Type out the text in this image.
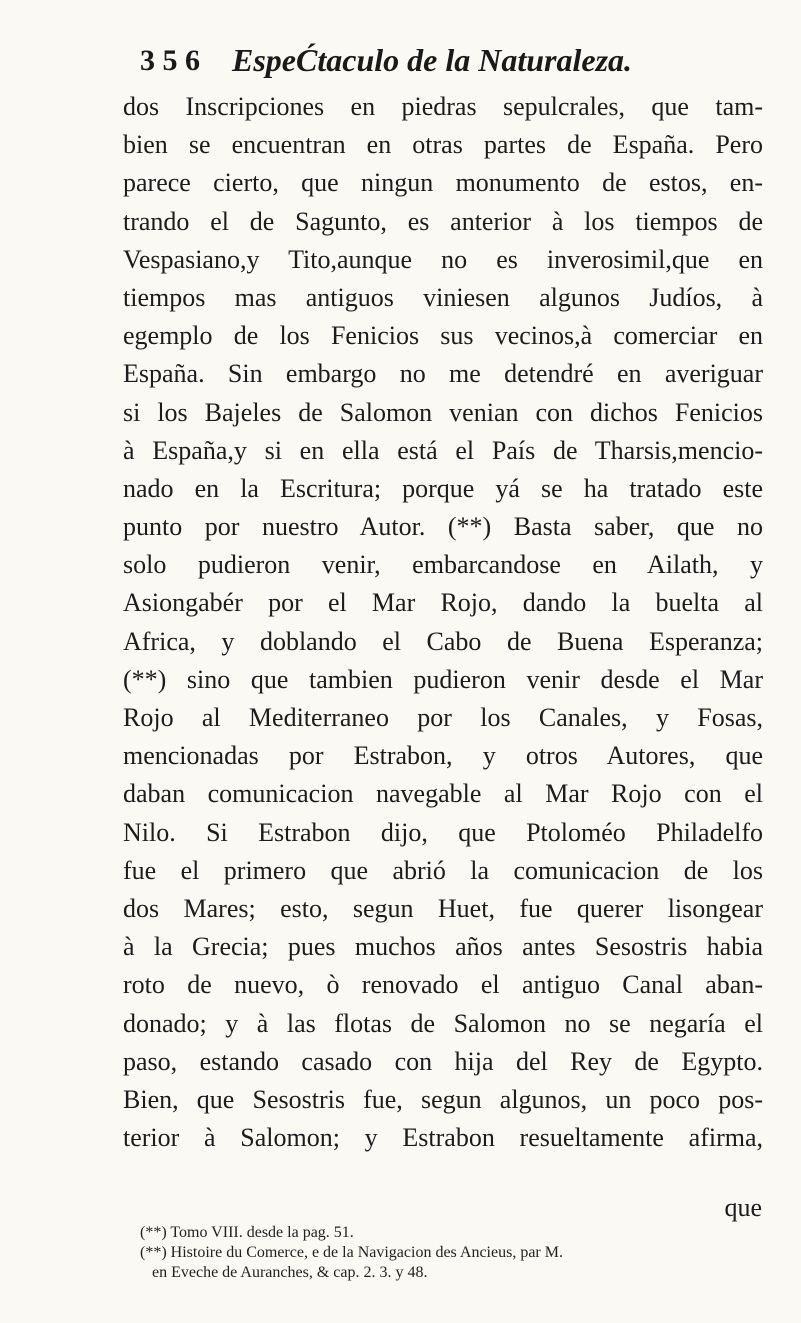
3 5 6 EspeĆtaculo de la Naturaleza.
dos Inscripciones en piedras sepulcrales, que tam-
bien se encuentran en otras partes de España. Pero
parece cierto, que ningun monumento de estos, en-
trando el de Sagunto, es anterior à los tiempos de
Vespasiano,y Tito,aunque no es inverosimil,que en
tiempos mas antiguos viniesen algunos Judíos, à
egemplo de los Fenicios sus vecinos,à comerciar en
España. Sin embargo no me detendré en averiguar
si los Bajeles de Salomon venian con dichos Fenicios
à España,y si en ella está el País de Tharsis,mencio-
nado en la Escritura; porque yá se ha tratado este
punto por nuestro Autor. (**) Basta saber, que no
solo pudieron venir, embarcandose en Ailath, y
Asiongabér por el Mar Rojo, dando la buelta al
Africa, y doblando el Cabo de Buena Esperanza;
(**) sino que tambien pudieron venir desde el Mar
Rojo al Mediterraneo por los Canales, y Fosas,
mencionadas por Estrabon, y otros Autores, que
daban comunicacion navegable al Mar Rojo con el
Nilo. Si Estrabon dijo, que Ptoloméo Philadelfo
fue el primero que abrió la comunicacion de los
dos Mares; esto, segun Huet, fue querer lisongear
à la Grecia; pues muchos años antes Sesostris habia
roto de nuevo, ò renovado el antiguo Canal aban-
donado; y à las flotas de Salomon no se negaría el
paso, estando casado con hija del Rey de Egypto.
Bien, que Sesostris fue, segun algunos, un poco pos-
terior à Salomon; y Estrabon resueltamente afirma,
que
(**) Tomo VIII. desde la pag. 51.
(**) Histoire du Comerce, e de la Navigacion des Ancieus, par M.
en Eveche de Auranches, & cap. 2. 3. y 48.
